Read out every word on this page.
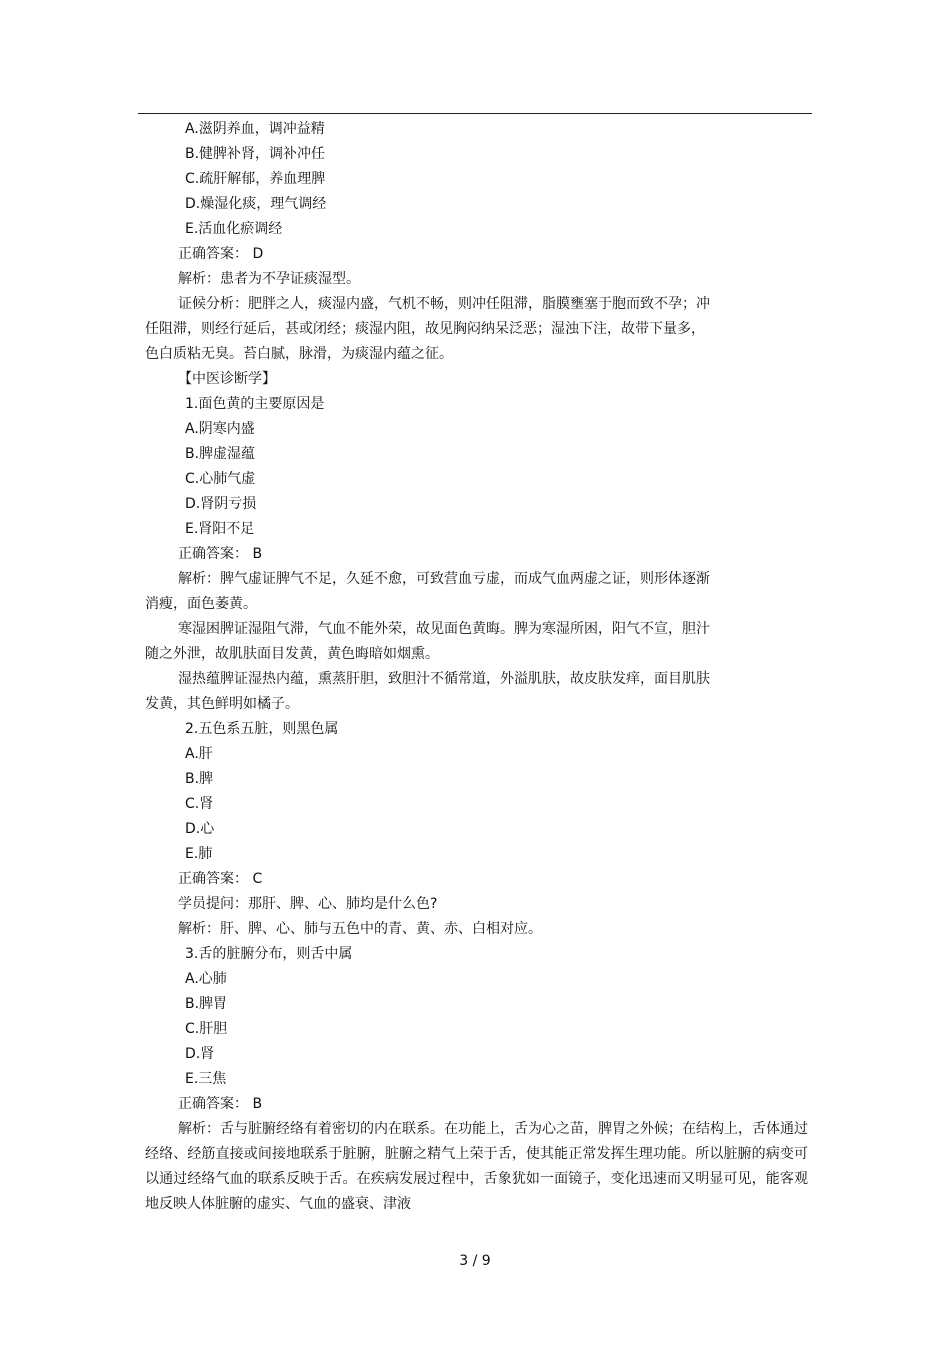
A.滋阴养血，调冲益精
B.健脾补肾，调补冲任
C.疏肝解郁，养血理脾
D.燥湿化痰，理气调经
E.活血化瘀调经
正确答案： D
解析：患者为不孕证痰湿型。
证候分析：肥胖之人，痰湿内盛，气机不畅，则冲任阻滞，脂膜壅塞于胞而致不孕；冲
任阻滞，则经行延后，甚或闭经；痰湿内阻，故见胸闷纳呆泛恶；湿浊下注，故带下量多，
色白质粘无臭。苔白腻，脉滑，为痰湿内蕴之征。
【中医诊断学】
1.面色黄的主要原因是
A.阴寒内盛
B.脾虚湿蕴
C.心肺气虚
D.肾阴亏损
E.肾阳不足
正确答案： B
解析：脾气虚证脾气不足，久延不愈，可致营血亏虚，而成气血两虚之证，则形体逐渐
消瘦，面色萎黄。
寒湿困脾证湿阻气滞，气血不能外荣，故见面色黄晦。脾为寒湿所困，阳气不宣，胆汁
随之外泄，故肌肤面目发黄，黄色晦暗如烟熏。
湿热蕴脾证湿热内蕴，熏蒸肝胆，致胆汁不循常道，外溢肌肤，故皮肤发痒，面目肌肤
发黄，其色鲜明如橘子。
2.五色系五脏，则黑色属
A.肝
B.脾
C.肾
D.心
E.肺
正确答案： C
学员提问：那肝、脾、心、肺均是什么色?
解析：肝、脾、心、肺与五色中的青、黄、赤、白相对应。
3.舌的脏腑分布，则舌中属
A.心肺
B.脾胃
C.肝胆
D.肾
E.三焦
正确答案： B
解析：舌与脏腑经络有着密切的内在联系。在功能上，舌为心之苗，脾胃之外候；在结构上，舌体通过经络、经筋直接或间接地联系于脏腑，脏腑之精气上荣于舌，使其能正常发挥生理功能。所以脏腑的病变可以通过经络气血的联系反映于舌。在疾病发展过程中，舌象犹如一面镜子，变化迅速而又明显可见，能客观地反映人体脏腑的虚实、气血的盛衰、津液
3 / 9
